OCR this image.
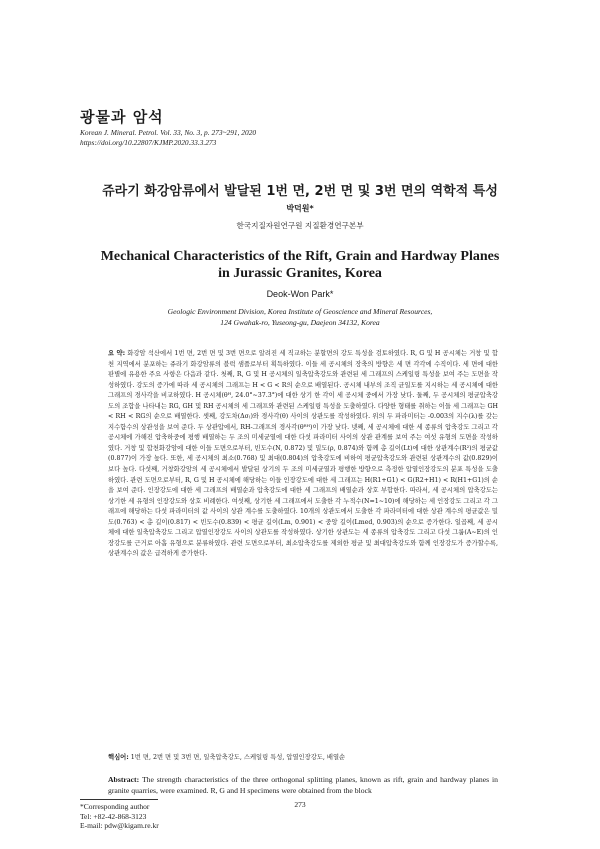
광물과 암석
Korean J. Mineral. Petrol. Vol. 33, No. 3, p. 273~291, 2020
https://doi.org/10.22807/KJMP.2020.33.3.273
쥬라기 화강암류에서 발달된 1번 면, 2번 면 및 3번 면의 역학적 특성
박덕원*
한국지질자원연구원 지질환경연구본부
Mechanical Characteristics of the Rift, Grain and Hardway Planes in Jurassic Granites, Korea
Deok-Won Park*
Geologic Environment Division, Korea Institute of Geoscience and Mineral Resources,
124 Gwahak-ro, Yuseong-gu, Daejeon 34132, Korea
요 약: 화강암 석산에서 1번 면, 2번 면 및 3번 면으로 알려진 세 직교하는 분할면의 강도 특성을 검토하였다. R, G 및 H 공시체는 거창 및 합천 지역에서 분포하는 쥬라기 화강암류의 블럭 샘플로부터 획득하였다. 이들 세 공시체의 장축의 방향은 세 면 각각에 수직이다. 세 면에 대한 판별에 유용한 주요 사항은 다음과 같다. 첫째, R, G 및 H 공시체의 일축압축강도와 관련된 세 그래프의 스케일링 특성을 보여 주는 도면을 작성하였다. 강도의 증가에 따라 세 공시체의 그래프는 H < G < R의 순으로 배열된다. 공시체 내부의 조직 균일도를 지시하는 세 공시체에 대한 그래프의 경사각을 비교하였다. H 공시체(θᴴ, 24.0°~37.3°)에 대한 상기 한 각이 세 공시체 중에서 가장 낮다. 둘째, 두 공시체의 평균압축강도의 조합을 나타내는 RG, GH 및 RH 공시체의 세 그래프와 관련된 스케일링 특성을 도출하였다. 다양한 형태를 취하는 이들 세 그래프는 GH < RH < RG의 순으로 배열한다. 셋째, 강도차(Δσ₍)와 경사각(θ) 사이의 상관도를 작성하였다. 위의 두 파라미터는 -0.003의 지수(λ)를 갖는 지수함수의 상관성을 보여 준다. 두 상관압에서, RH-그래프의 경사각(θᴿᴴ)이 가장 낮다. 넷째, 세 공시체에 대한 세 종류의 압축강도 그리고 각 공시체에 가해진 압축하중에 평행 배열하는 두 조의 미세균열에 대한 다섯 파라미터 사이의 상관 관계를 보여 주는 여섯 유형의 도면을 작성하였다. 거창 및 합천화강암에 대한 이들 도면으로부터, 빈도수(N, 0.872) 및 밀도(ρ, 0.874)와 함께 총 길이(Lt)에 대한 상관계수(R²)의 평균값(0.877)이 가장 높다. 또한, 세 공시체의 최소(0.768) 및 최대(0.804)의 압축강도에 비하여 평균압축강도와 관련된 상관계수의 값(0.829)이 보다 높다. 다섯째, 거창화강암의 세 공시체에서 발달된 상기의 두 조의 미세균열과 평행한 방향으로 측정한 압열인장강도의 분포 특성을 도출하였다. 관련 도면으로부터, R, G 및 H 공시체에 해당하는 이들 인장강도에 대한 세 그래프는 H(R1+G1) < G(R2+H1) < R(H1+G1)의 순을 보여 준다. 인장강도에 대한 세 그래프의 배열순과 압축강도에 대한 세 그래프의 배열순과 상호 부합한다. 따라서, 세 공시체의 압축강도는 상기한 세 유형의 인장강도와 상호 비례한다. 여섯째, 상기한 세 그래프에서 도출한 각 누적수(N=1~10)에 해당하는 세 인장강도 그리고 각 그래프에 해당하는 다섯 파라미터의 값 사이의 상관 계수를 도출하였다. 10개의 상관도에서 도출한 각 파라미터에 대한 상관 계수의 평균값은 밀도(0.763) < 총 길이(0.817) < 빈도수(0.839) < 평균 길이(Lm, 0.901) < 중앙 길이(Lmed, 0.903)의 순으로 증가한다. 일곱째, 세 공시체에 대한 일축압축강도 그리고 압열인장강도 사이의 상관도를 작성하였다. 상기한 상관도는 세 종류의 압축강도 그리고 다섯 그룹(A~E)의 인장강도를 근거로 아홉 유형으로 분류하였다. 관련 도면으로부터, 최소압축강도를 제외한 평균 및 최대압축강도와 함께 인장강도가 증가할수록, 상관계수의 값은 급격하게 증가한다.
핵심어: 1번 면, 2번 면 및 3번 면, 일축압축강도, 스케일링 특성, 압열인장강도, 배열순
Abstract: The strength characteristics of the three orthogonal splitting planes, known as rift, grain and hardway planes in granite quarries, were examined. R, G and H specimens were obtained from the block
*Corresponding author
Tel: +82-42-868-3123
E-mail: pdw@kigam.re.kr
273
